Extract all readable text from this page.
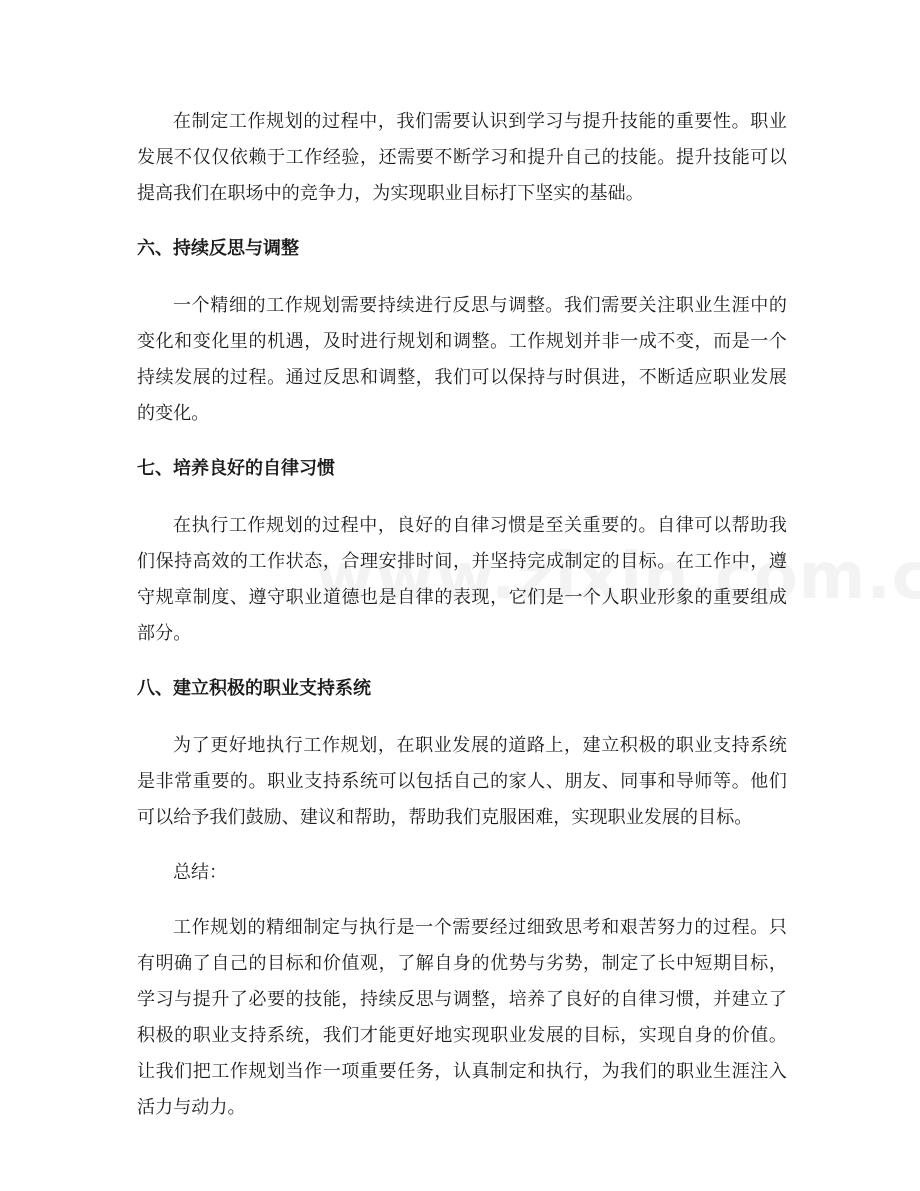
在制定工作规划的过程中，我们需要认识到学习与提升技能的重要性。职业发展不仅仅依赖于工作经验，还需要不断学习和提升自己的技能。提升技能可以提高我们在职场中的竞争力，为实现职业目标打下坚实的基础。

六、持续反思与调整

一个精细的工作规划需要持续进行反思与调整。我们需要关注职业生涯中的变化和变化里的机遇，及时进行规划和调整。工作规划并非一成不变，而是一个持续发展的过程。通过反思和调整，我们可以保持与时俱进，不断适应职业发展的变化。

七、培养良好的自律习惯

在执行工作规划的过程中，良好的自律习惯是至关重要的。自律可以帮助我们保持高效的工作状态，合理安排时间，并坚持完成制定的目标。在工作中，遵守规章制度、遵守职业道德也是自律的表现，它们是一个人职业形象的重要组成部分。

八、建立积极的职业支持系统

为了更好地执行工作规划，在职业发展的道路上，建立积极的职业支持系统是非常重要的。职业支持系统可以包括自己的家人、朋友、同事和导师等。他们可以给予我们鼓励、建议和帮助，帮助我们克服困难，实现职业发展的目标。

总结：

工作规划的精细制定与执行是一个需要经过细致思考和艰苦努力的过程。只有明确了自己的目标和价值观，了解自身的优势与劣势，制定了长中短期目标，学习与提升了必要的技能，持续反思与调整，培养了良好的自律习惯，并建立了积极的职业支持系统，我们才能更好地实现职业发展的目标，实现自身的价值。让我们把工作规划当作一项重要任务，认真制定和执行，为我们的职业生涯注入活力与动力。
